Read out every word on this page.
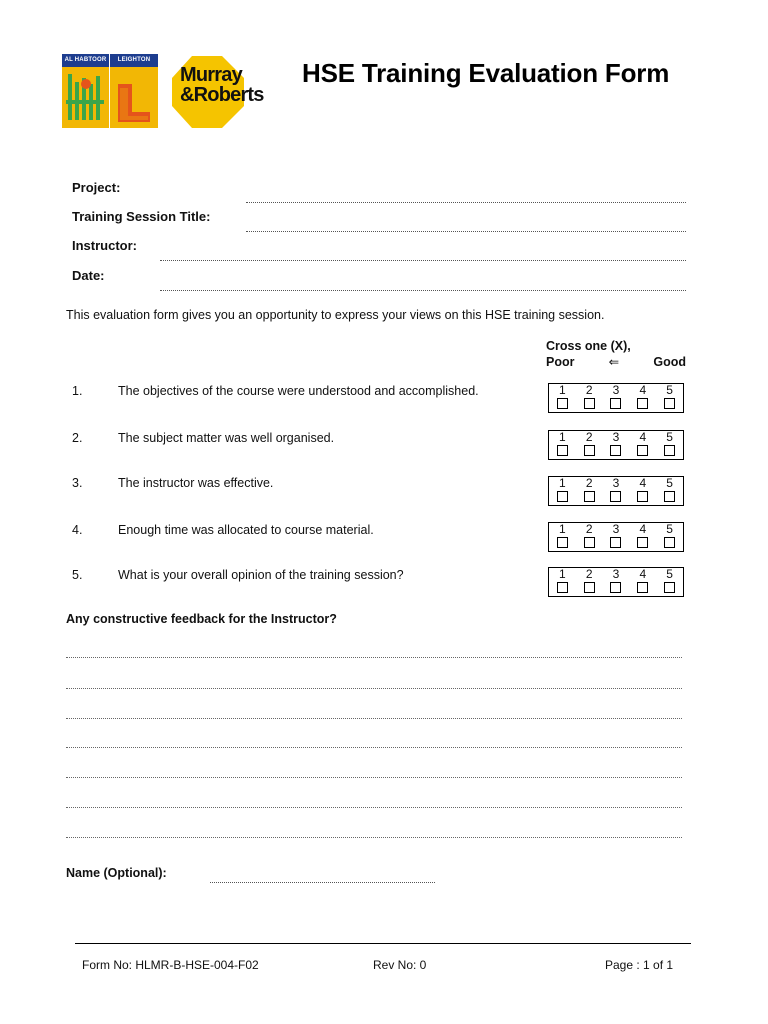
AL HABTOOR	LEIGHTON
Murray
&Roberts
HSE Training Evaluation Form
Project:
Training Session Title:
Instructor:
Date:
This evaluation form gives you an opportunity to express your views on this HSE training session.
Cross one (X),
Poor	⇐	Good
1.	The objectives of the course were understood and accomplished.	1 2 3 4 5
2.	The subject matter was well organised.	1 2 3 4 5
3.	The instructor was effective.	1 2 3 4 5
4.	Enough time was allocated to course material.	1 2 3 4 5
5.	What is your overall opinion of the training session?	1 2 3 4 5
Any constructive feedback for the Instructor?
Name (Optional):
Form No: HLMR-B-HSE-004-F02	Rev No: 0	Page : 1 of 1
